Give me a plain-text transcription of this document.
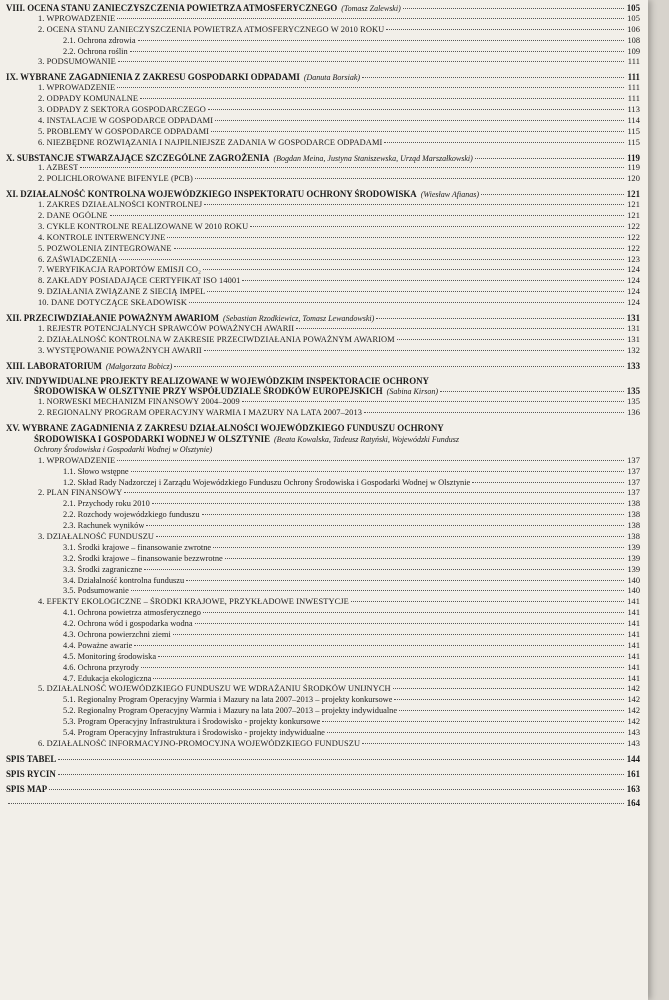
VIII. OCENA STANU ZANIECZYSZCZENIA POWIETRZA ATMOSFERYCZNEGO (Tomasz Zalewski)	105
1. WPROWADZENIE	105
2. OCENA STANU ZANIECZYSZCZENIA POWIETRZA ATMOSFERYCZNEGO W 2010 ROKU	106
2.1. Ochrona zdrowia	108
2.2. Ochrona roślin	109
3. PODSUMOWANIE	111
IX. WYBRANE ZAGADNIENIA Z ZAKRESU GOSPODARKI ODPADAMI (Danuta Borsiak)	111
1. WPROWADZENIE	111
2. ODPADY KOMUNALNE	111
3. ODPADY Z SEKTORA GOSPODARCZEGO	113
4. INSTALACJE W GOSPODARCE ODPADAMI	114
5. PROBLEMY W GOSPODARCE ODPADAMI	115
6. NIEZBĘDNE ROZWIĄZANIA I NAJPILNIEJSZE ZADANIA W GOSPODARCE ODPADAMI	115
X. SUBSTANCJE STWARZAJĄCE SZCZEGÓLNE ZAGROŻENIA (Bogdan Meina, Justyna Staniszewska, Urząd Marszałkowski)	119
1. AZBEST	119
2. POLICHLOROWANE BIFENYLE (PCB)	120
XI. DZIAŁALNOŚĆ KONTROLNA WOJEWÓDZKIEGO INSPEKTORATU OCHRONY ŚRODOWISKA (Wiesław Afianas)	121
1. ZAKRES DZIAŁALNOŚCI KONTROLNEJ	121
2. DANE OGÓLNE	121
3. CYKLE KONTROLNE REALIZOWANE W 2010 ROKU	122
4. KONTROLE INTERWENCYJNE	122
5. POZWOLENIA ZINTEGROWANE	122
6. ZAŚWIADCZENIA	123
7. WERYFIKACJA RAPORTÓW EMISJI CO₂	124
8. ZAKŁADY POSIADAJĄCE CERTYFIKAT ISO 14001	124
9. DZIAŁANIA ZWIĄZANE Z SIECIĄ IMPEL	124
10. DANE DOTYCZĄCE SKŁADOWISK	124
XII. PRZECIWDZIAŁANIE POWAŻNYM AWARIOM (Sebastian Rzodkiewicz, Tomasz Lewandowski)	131
1. REJESTR POTENCJALNYCH SPRAWCÓW POWAŻNYCH AWARII	131
2. DZIAŁALNOŚĆ KONTROLNA W ZAKRESIE PRZECIWDZIAŁANIA POWAŻNYM AWARIOM	131
3. WYSTĘPOWANIE POWAŻNYCH AWARII	132
XIII. LABORATORIUM (Małgorzata Bobicz)	133
XIV. INDYWIDUALNE PROJEKTY REALIZOWANE W WOJEWÓDZKIM INSPEKTORACIE OCHRONY
ŚRODOWISKA W OLSZTYNIE PRZY WSPÓŁUDZIALE ŚRODKÓW EUROPEJSKICH (Sabina Kirson)	135
1. NORWESKI MECHANIZM FINANSOWY 2004–2009	135
2. REGIONALNY PROGRAM OPERACYJNY WARMIA I MAZURY NA LATA 2007–2013	136
XV. WYBRANE ZAGADNIENIA Z ZAKRESU DZIAŁALNOŚCI WOJEWÓDZKIEGO FUNDUSZU OCHRONY
ŚRODOWISKA I GOSPODARKI WODNEJ W OLSZTYNIE (Beata Kowalska, Tadeusz Ratyński, Wojewódzki Fundusz
Ochrony Środowiska i Gospodarki Wodnej w Olsztynie)
1. WPROWADZENIE	137
1.1. Słowo wstępne	137
1.2. Skład Rady Nadzorczej i Zarządu Wojewódzkiego Funduszu Ochrony Środowiska i Gospodarki Wodnej w Olsztynie	137
2. PLAN FINANSOWY	137
2.1. Przychody roku 2010	138
2.2. Rozchody wojewódzkiego funduszu	138
2.3. Rachunek wyników	138
3. DZIAŁALNOŚĆ FUNDUSZU	138
3.1. Środki krajowe – finansowanie zwrotne	139
3.2. Środki krajowe – finansowanie bezzwrotne	139
3.3. Środki zagraniczne	139
3.4. Działalność kontrolna funduszu	140
3.5. Podsumowanie	140
4. EFEKTY EKOLOGICZNE – ŚRODKI KRAJOWE, PRZYKŁADOWE INWESTYCJE	141
4.1. Ochrona powietrza atmosferycznego	141
4.2. Ochrona wód i gospodarka wodna	141
4.3. Ochrona powierzchni ziemi	141
4.4. Poważne awarie	141
4.5. Monitoring środowiska	141
4.6. Ochrona przyrody	141
4.7. Edukacja ekologiczna	141
5. DZIAŁALNOŚĆ WOJEWÓDZKIEGO FUNDUSZU WE WDRAŻANIU ŚRODKÓW UNIJNYCH	142
5.1. Regionalny Program Operacyjny Warmia i Mazury na lata 2007–2013 – projekty konkursowe	142
5.2. Regionalny Program Operacyjny Warmia i Mazury na lata 2007–2013 – projekty indywidualne	142
5.3. Program Operacyjny Infrastruktura i Środowisko - projekty konkursowe	142
5.4. Program Operacyjny Infrastruktura i Środowisko - projekty indywidualne	143
6. DZIAŁALNOŚĆ INFORMACYJNO-PROMOCYJNA WOJEWÓDZKIEGO FUNDUSZU	143
SPIS TABEL	144
SPIS RYCIN	161
SPIS MAP	163
164
